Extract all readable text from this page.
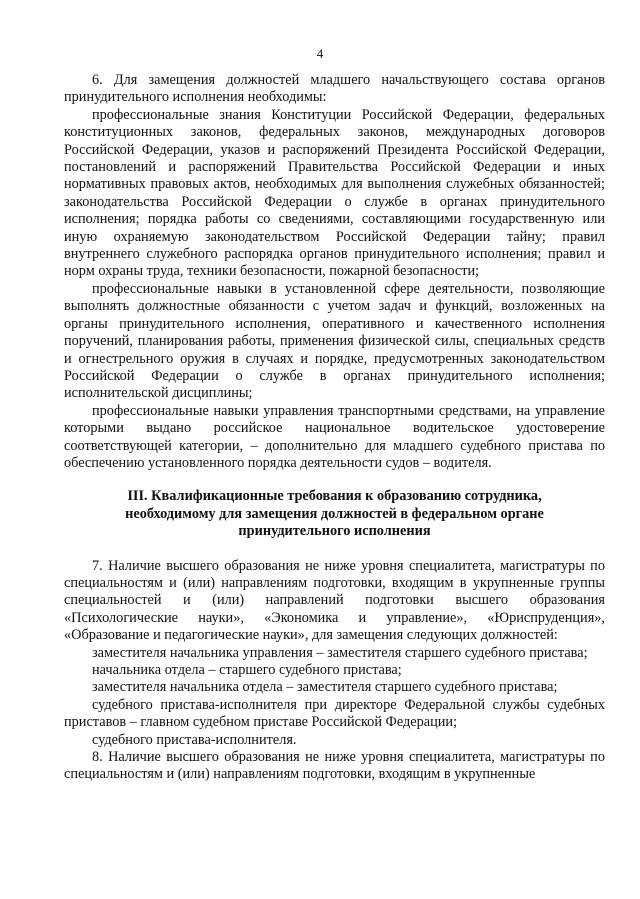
4

6. Для замещения должностей младшего начальствующего состава органов принудительного исполнения необходимы:

профессиональные знания Конституции Российской Федерации, федеральных конституционных законов, федеральных законов, международных договоров Российской Федерации, указов и распоряжений Президента Российской Федерации, постановлений и распоряжений Правительства Российской Федерации и иных нормативных правовых актов, необходимых для выполнения служебных обязанностей; законодательства Российской Федерации о службе в органах принудительного исполнения; порядка работы со сведениями, составляющими государственную или иную охраняемую законодательством Российской Федерации тайну; правил внутреннего служебного распорядка органов принудительного исполнения; правил и норм охраны труда, техники безопасности, пожарной безопасности;

профессиональные навыки в установленной сфере деятельности, позволяющие выполнять должностные обязанности с учетом задач и функций, возложенных на органы принудительного исполнения, оперативного и качественного исполнения поручений, планирования работы, применения физической силы, специальных средств и огнестрельного оружия в случаях и порядке, предусмотренных законодательством Российской Федерации о службе в органах принудительного исполнения; исполнительской дисциплины;

профессиональные навыки управления транспортными средствами, на управление которыми выдано российское национальное водительское удостоверение соответствующей категории, – дополнительно для младшего судебного пристава по обеспечению установленного порядка деятельности судов – водителя.

III. Квалификационные требования к образованию сотрудника, необходимому для замещения должностей в федеральном органе принудительного исполнения

7. Наличие высшего образования не ниже уровня специалитета, магистратуры по специальностям и (или) направлениям подготовки, входящим в укрупненные группы специальностей и (или) направлений подготовки высшего образования «Психологические науки», «Экономика и управление», «Юриспруденция», «Образование и педагогические науки», для замещения следующих должностей:

заместителя начальника управления – заместителя старшего судебного пристава;

начальника отдела – старшего судебного пристава;

заместителя начальника отдела – заместителя старшего судебного пристава;

судебного пристава-исполнителя при директоре Федеральной службы судебных приставов – главном судебном приставе Российской Федерации;

судебного пристава-исполнителя.

8. Наличие высшего образования не ниже уровня специалитета, магистратуры по специальностям и (или) направлениям подготовки, входящим в укрупненные
